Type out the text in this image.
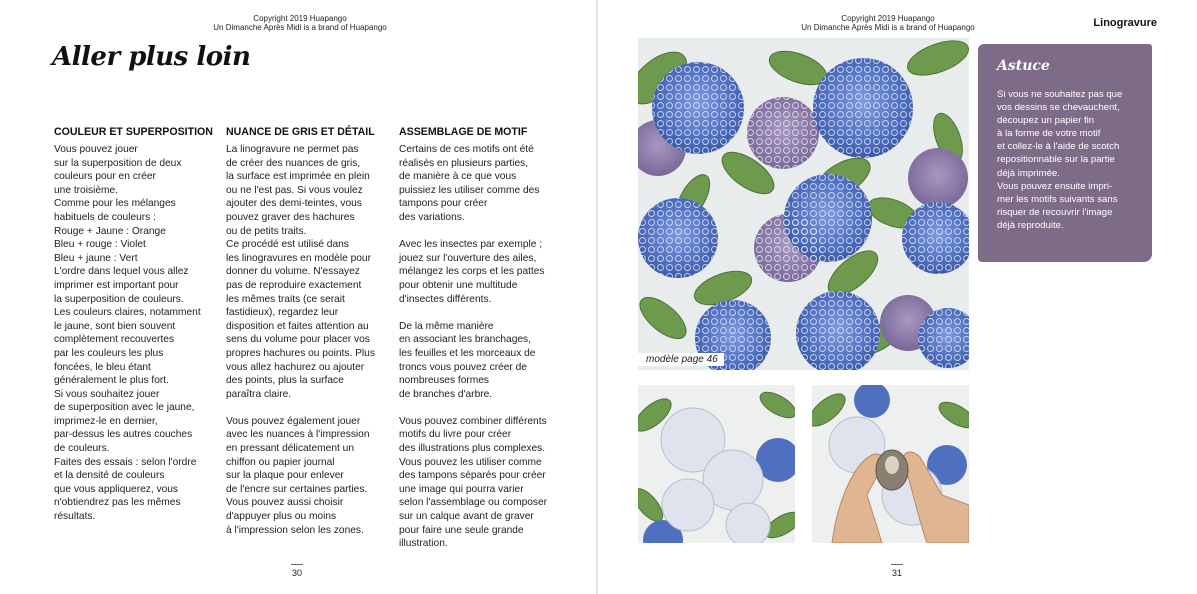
Copyright 2019 Huapango
Un Dimanche Après Midi is a brand of Huapango
Aller plus loin
COULEUR ET SUPERPOSITION
Vous pouvez jouer
sur la superposition de deux
couleurs pour en créer
une troisième.
Comme pour les mélanges
habituels de couleurs :
Rouge + Jaune : Orange
Bleu + rouge : Violet
Bleu + jaune : Vert
L'ordre dans lequel vous allez
imprimer est important pour
la superposition de couleurs.
Les couleurs claires, notamment
le jaune, sont bien souvent
complètement recouvertes
par les couleurs les plus
foncées, le bleu étant
généralement le plus fort.
Si vous souhaitez jouer
de superposition avec le jaune,
imprimez-le en dernier,
par-dessus les autres couches
de couleurs.
Faites des essais : selon l'ordre
et la densité de couleurs
que vous appliquerez, vous
n'obtiendrez pas les mêmes
résultats.
NUANCE DE GRIS ET DÉTAIL
La linogravure ne permet pas
de créer des nuances de gris,
la surface est imprimée en plein
ou ne l'est pas. Si vous voulez
ajouter des demi-teintes, vous
pouvez graver des hachures
ou de petits traits.
Ce procédé est utilisé dans
les linogravures en modèle pour
donner du volume. N'essayez
pas de reproduire exactement
les mêmes traits (ce serait
fastidieux), regardez leur
disposition et faites attention au
sens du volume pour placer vos
propres hachures ou points. Plus
vous allez hachurez ou ajouter
des points, plus la surface
paraîtra claire.

Vous pouvez également jouer
avec les nuances à l'impression
en pressant délicatement un
chiffon ou papier journal
sur la plaque pour enlever
de l'encre sur certaines parties.
Vous pouvez aussi choisir
d'appuyer plus ou moins
à l'impression selon les zones.
ASSEMBLAGE DE MOTIF
Certains de ces motifs ont été
réalisés en plusieurs parties,
de manière à ce que vous
puissiez les utiliser comme des
tampons pour créer
des variations.

Avec les insectes par exemple ;
jouez sur l'ouverture des ailes,
mélangez les corps et les pattes
pour obtenir une multitude
d'insectes différents.

De la même manière
en associant les branchages,
les feuilles et les morceaux de
troncs vous pouvez créer de
nombreuses formes
de branches d'arbre.

Vous pouvez combiner différents
motifs du livre pour créer
des illustrations plus complexes.
Vous pouvez les utiliser comme
des tampons séparés pour créer
une image qui pourra varier
selon l'assemblage ou composer
sur un calque avant de graver
pour faire une seule grande
illustration.
30
Copyright 2019 Huapango
Un Dimanche Après Midi is a brand of Huapango	Linogravure
modèle page 46
Astuce
Si vous ne souhaitez pas que
vos dessins se chevauchent,
découpez un papier fin
à la forme de votre motif
et collez-le à l'aide de scotch
repositionnable sur la partie
déjà imprimée.
Vous pouvez ensuite impri-
mer les motifs suivants sans
risquer de recouvrir l'image
déjà reproduite.
31
